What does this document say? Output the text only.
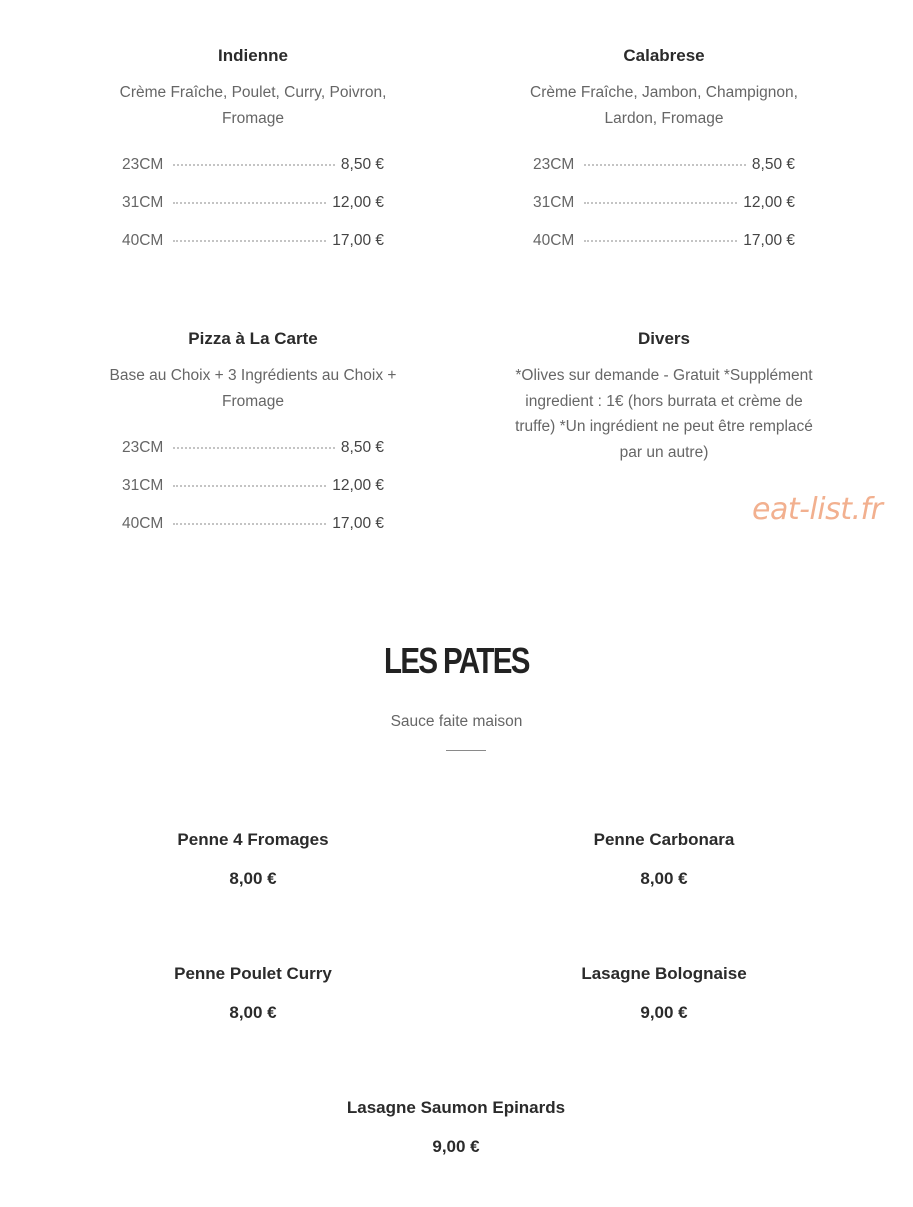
Indienne
Crème Fraîche, Poulet, Curry, Poivron, Fromage
23CM	8,50 €
31CM	12,00 €
40CM	17,00 €
Calabrese
Crème Fraîche, Jambon, Champignon, Lardon, Fromage
23CM	8,50 €
31CM	12,00 €
40CM	17,00 €
Pizza à La Carte
Base au Choix + 3 Ingrédients au Choix + Fromage
23CM	8,50 €
31CM	12,00 €
40CM	17,00 €
Divers
*Olives sur demande - Gratuit *Supplément ingredient : 1€ (hors burrata et crème de truffe) *Un ingrédient ne peut être remplacé par un autre)
eat-list.fr
LES PATES
Sauce faite maison
Penne 4 Fromages
8,00 €
Penne Carbonara
8,00 €
Penne Poulet Curry
8,00 €
Lasagne Bolognaise
9,00 €
Lasagne Saumon Epinards
9,00 €
